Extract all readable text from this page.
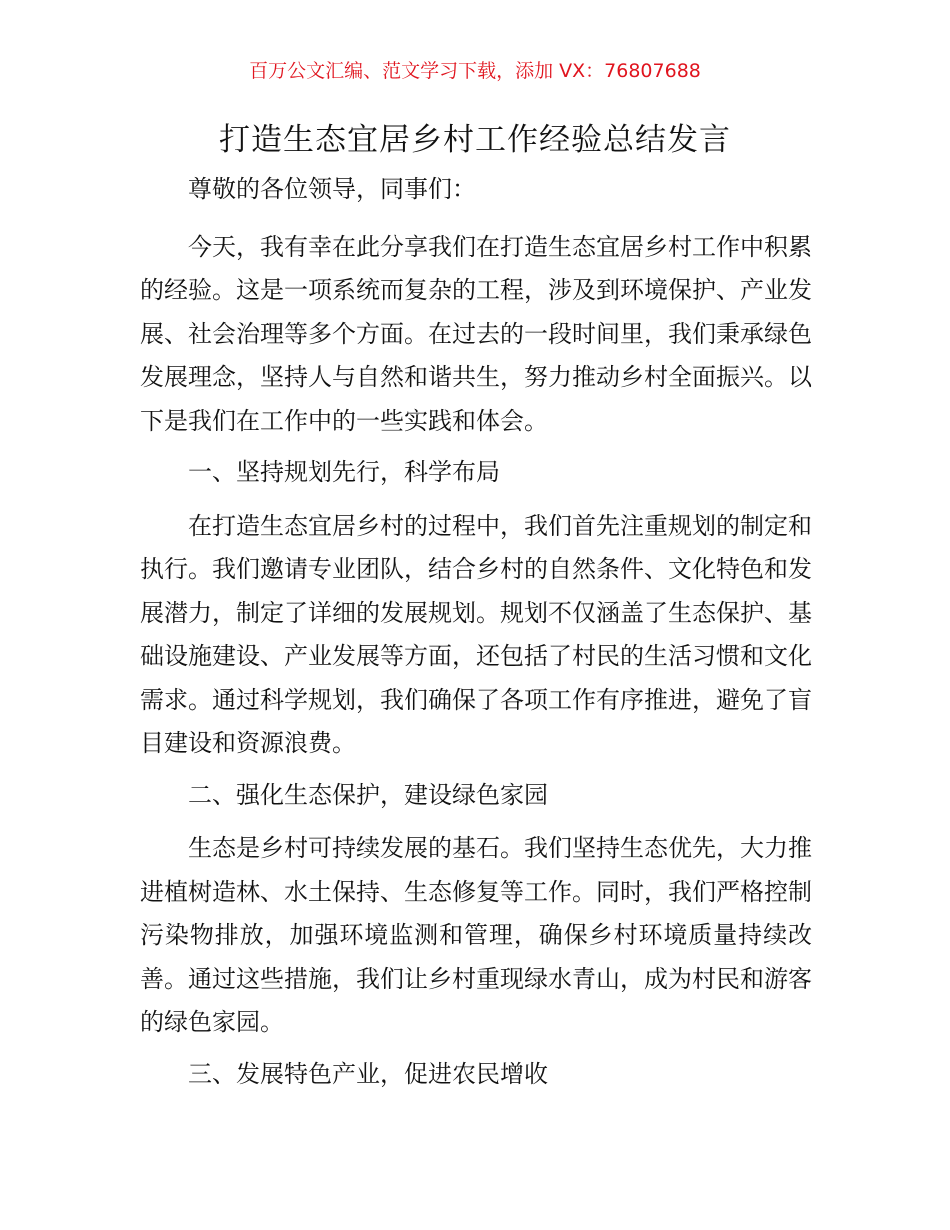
百万公文汇编、范文学习下载，添加 VX：76807688
打造生态宜居乡村工作经验总结发言

尊敬的各位领导，同事们：

今天，我有幸在此分享我们在打造生态宜居乡村工作中积累的经验。这是一项系统而复杂的工程，涉及到环境保护、产业发展、社会治理等多个方面。在过去的一段时间里，我们秉承绿色发展理念，坚持人与自然和谐共生，努力推动乡村全面振兴。以下是我们在工作中的一些实践和体会。

一、坚持规划先行，科学布局

在打造生态宜居乡村的过程中，我们首先注重规划的制定和执行。我们邀请专业团队，结合乡村的自然条件、文化特色和发展潜力，制定了详细的发展规划。规划不仅涵盖了生态保护、基础设施建设、产业发展等方面，还包括了村民的生活习惯和文化需求。通过科学规划，我们确保了各项工作有序推进，避免了盲目建设和资源浪费。

二、强化生态保护，建设绿色家园

生态是乡村可持续发展的基石。我们坚持生态优先，大力推进植树造林、水土保持、生态修复等工作。同时，我们严格控制污染物排放，加强环境监测和管理，确保乡村环境质量持续改善。通过这些措施，我们让乡村重现绿水青山，成为村民和游客的绿色家园。

三、发展特色产业，促进农民增收
